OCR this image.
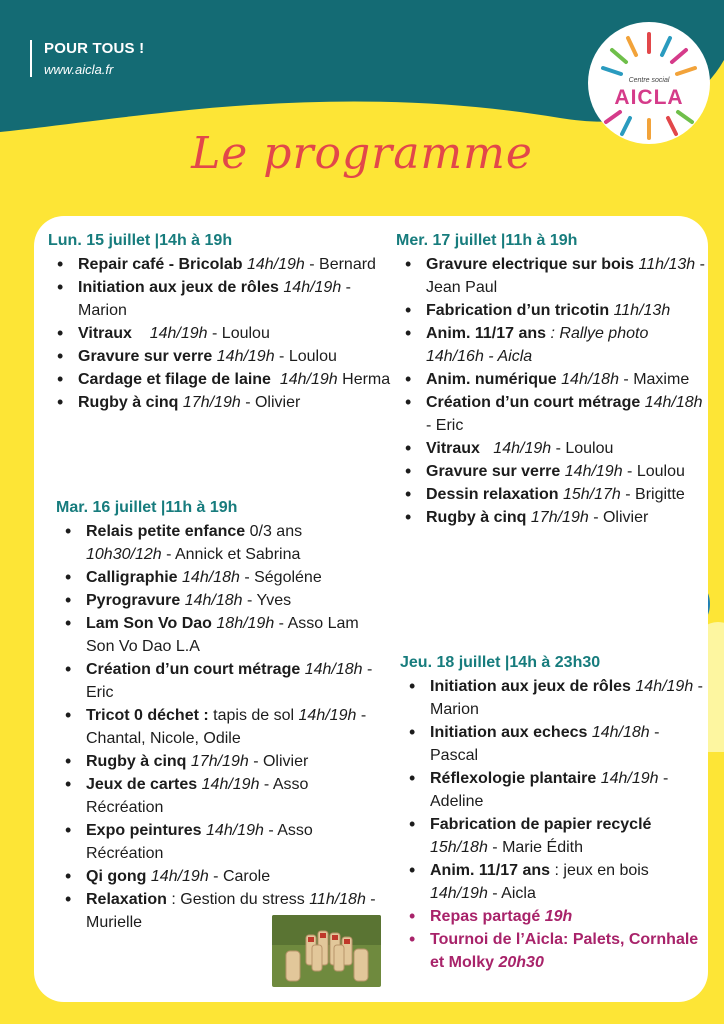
POUR TOUS !
www.aicla.fr
Centre social
AICLA
Le programme
Lun. 15 juillet |14h à 19h
• Repair café - Bricolab 14h/19h - Bernard
• Initiation aux jeux de rôles 14h/19h - Marion
• Vitraux 14h/19h - Loulou
• Gravure sur verre 14h/19h - Loulou
• Cardage et filage de laine 14h/19h Herma
• Rugby à cinq 17h/19h - Olivier
Mar. 16 juillet |11h à 19h
• Relais petite enfance 0/3 ans 10h30/12h - Annick et Sabrina
• Calligraphie 14h/18h - Ségoléne
• Pyrogravure 14h/18h - Yves
• Lam Son Vo Dao 18h/19h - Asso Lam Son Vo Dao L.A
• Création d’un court métrage 14h/18h - Eric
• Tricot 0 déchet : tapis de sol 14h/19h - Chantal, Nicole, Odile
• Rugby à cinq 17h/19h - Olivier
• Jeux de cartes 14h/19h - Asso Récréation
• Expo peintures 14h/19h - Asso Récréation
• Qi gong 14h/19h - Carole
• Relaxation : Gestion du stress 11h/18h - Murielle
Mer. 17 juillet |11h à 19h
• Gravure electrique sur bois 11h/13h - Jean Paul
• Fabrication d’un tricotin 11h/13h
• Anim. 11/17 ans : Rallye photo 14h/16h - Aicla
• Anim. numérique 14h/18h - Maxime
• Création d’un court métrage 14h/18h - Eric
• Vitraux 14h/19h - Loulou
• Gravure sur verre 14h/19h - Loulou
• Dessin relaxation 15h/17h - Brigitte
• Rugby à cinq 17h/19h - Olivier
Jeu. 18 juillet |14h à 23h30
• Initiation aux jeux de rôles 14h/19h - Marion
• Initiation aux echecs 14h/18h - Pascal
• Réflexologie plantaire 14h/19h - Adeline
• Fabrication de papier recyclé 15h/18h - Marie Édith
• Anim. 11/17 ans : jeux en bois 14h/19h - Aicla
• Repas partagé 19h
• Tournoi de l’Aicla: Palets, Cornhale et Molky 20h30
